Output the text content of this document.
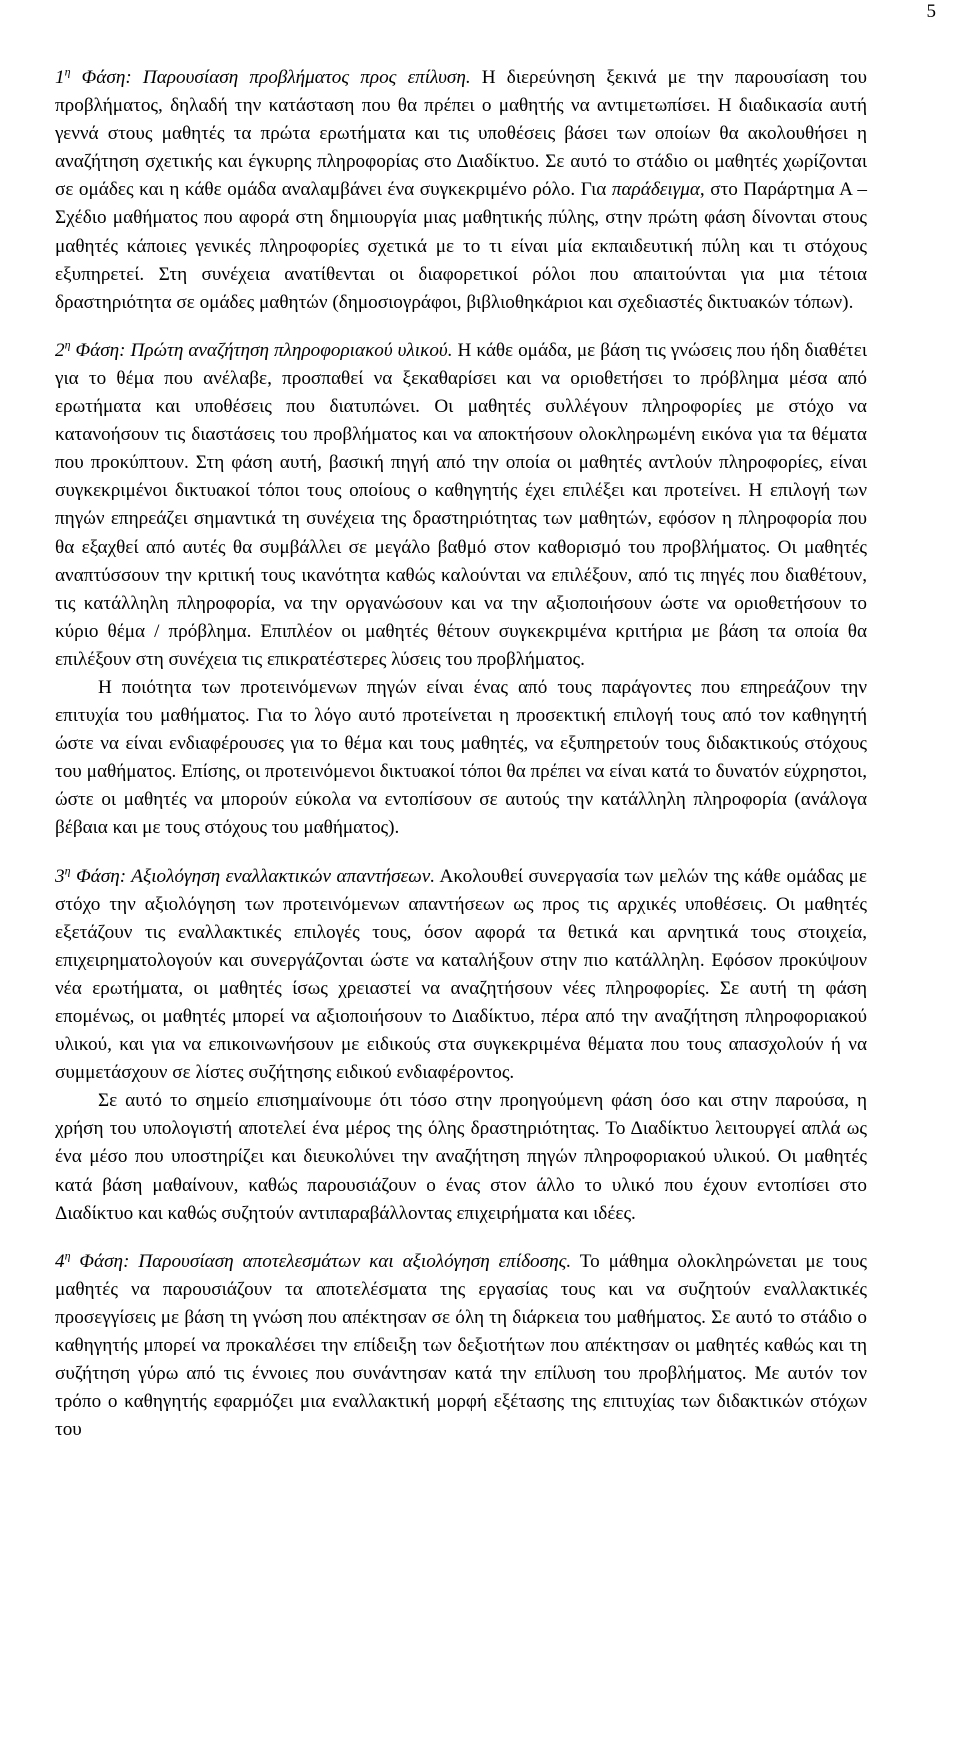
5

$1^\eta$ Φάση: Παρουσίαση προβλήματος προς επίλυση. Η διερεύνηση ξεκινά με την παρουσίαση του προβλήματος, δηλαδή την κατάσταση που θα πρέπει ο μαθητής να αντιμετωπίσει. Η διαδικασία αυτή γεννά στους μαθητές τα πρώτα ερωτήματα και τις υποθέσεις βάσει των οποίων θα ακολουθήσει η αναζήτηση σχετικής και έγκυρης πληροφορίας στο Διαδίκτυο. Σε αυτό το στάδιο οι μαθητές χωρίζονται σε ομάδες και η κάθε ομάδα αναλαμβάνει ένα συγκεκριμένο ρόλο. Για παράδειγμα, στο Παράρτημα Α – Σχέδιο μαθήματος που αφορά στη δημιουργία μιας μαθητικής πύλης, στην πρώτη φάση δίνονται στους μαθητές κάποιες γενικές πληροφορίες σχετικά με το τι είναι μία εκπαιδευτική πύλη και τι στόχους εξυπηρετεί. Στη συνέχεια ανατίθενται οι διαφορετικοί ρόλοι που απαιτούνται για μια τέτοια δραστηριότητα σε ομάδες μαθητών (δημοσιογράφοι, βιβλιοθηκάριοι και σχεδιαστές δικτυακών τόπων).

$2^\eta$ Φάση: Πρώτη αναζήτηση πληροφοριακού υλικού. Η κάθε ομάδα, με βάση τις γνώσεις που ήδη διαθέτει για το θέμα που ανέλαβε, προσπαθεί να ξεκαθαρίσει και να οριοθετήσει το πρόβλημα μέσα από ερωτήματα και υποθέσεις που διατυπώνει. Οι μαθητές συλλέγουν πληροφορίες με στόχο να κατανοήσουν τις διαστάσεις του προβλήματος και να αποκτήσουν ολοκληρωμένη εικόνα για τα θέματα που προκύπτουν. Στη φάση αυτή, βασική πηγή από την οποία οι μαθητές αντλούν πληροφορίες, είναι συγκεκριμένοι δικτυακοί τόποι τους οποίους ο καθηγητής έχει επιλέξει και προτείνει. Η επιλογή των πηγών επηρεάζει σημαντικά τη συνέχεια της δραστηριότητας των μαθητών, εφόσον η πληροφορία που θα εξαχθεί από αυτές θα συμβάλλει σε μεγάλο βαθμό στον καθορισμό του προβλήματος. Οι μαθητές αναπτύσσουν την κριτική τους ικανότητα καθώς καλούνται να επιλέξουν, από τις πηγές που διαθέτουν, τις κατάλληλη πληροφορία, να την οργανώσουν και να την αξιοποιήσουν ώστε να οριοθετήσουν το κύριο θέμα / πρόβλημα. Επιπλέον οι μαθητές θέτουν συγκεκριμένα κριτήρια με βάση τα οποία θα επιλέξουν στη συνέχεια τις επικρατέστερες λύσεις του προβλήματος.

Η ποιότητα των προτεινόμενων πηγών είναι ένας από τους παράγοντες που επηρεάζουν την επιτυχία του μαθήματος. Για το λόγο αυτό προτείνεται η προσεκτική επιλογή τους από τον καθηγητή ώστε να είναι ενδιαφέρουσες για το θέμα και τους μαθητές, να εξυπηρετούν τους διδακτικούς στόχους του μαθήματος. Επίσης, οι προτεινόμενοι δικτυακοί τόποι θα πρέπει να είναι κατά το δυνατόν εύχρηστοι, ώστε οι μαθητές να μπορούν εύκολα να εντοπίσουν σε αυτούς την κατάλληλη πληροφορία (ανάλογα βέβαια και με τους στόχους του μαθήματος).

$3^\eta$ Φάση: Αξιολόγηση εναλλακτικών απαντήσεων. Ακολουθεί συνεργασία των μελών της κάθε ομάδας με στόχο την αξιολόγηση των προτεινόμενων απαντήσεων ως προς τις αρχικές υποθέσεις. Οι μαθητές εξετάζουν τις εναλλακτικές επιλογές τους, όσον αφορά τα θετικά και αρνητικά τους στοιχεία, επιχειρηματολογούν και συνεργάζονται ώστε να καταλήξουν στην πιο κατάλληλη. Εφόσον προκύψουν νέα ερωτήματα, οι μαθητές ίσως χρειαστεί να αναζητήσουν νέες πληροφορίες. Σε αυτή τη φάση επομένως, οι μαθητές μπορεί να αξιοποιήσουν το Διαδίκτυο, πέρα από την αναζήτηση πληροφοριακού υλικού, και για να επικοινωνήσουν με ειδικούς στα συγκεκριμένα θέματα που τους απασχολούν ή να συμμετάσχουν σε λίστες συζήτησης ειδικού ενδιαφέροντος.

Σε αυτό το σημείο επισημαίνουμε ότι τόσο στην προηγούμενη φάση όσο και στην παρούσα, η χρήση του υπολογιστή αποτελεί ένα μέρος της όλης δραστηριότητας. Το Διαδίκτυο λειτουργεί απλά ως ένα μέσο που υποστηρίζει και διευκολύνει την αναζήτηση πηγών πληροφοριακού υλικού. Οι μαθητές κατά βάση μαθαίνουν, καθώς παρουσιάζουν ο ένας στον άλλο το υλικό που έχουν εντοπίσει στο Διαδίκτυο και καθώς συζητούν αντιπαραβάλλοντας επιχειρήματα και ιδέες.

$4^\eta$ Φάση: Παρουσίαση αποτελεσμάτων και αξιολόγηση επίδοσης. Το μάθημα ολοκληρώνεται με τους μαθητές να παρουσιάζουν τα αποτελέσματα της εργασίας τους και να συζητούν εναλλακτικές προσεγγίσεις με βάση τη γνώση που απέκτησαν σε όλη τη διάρκεια του μαθήματος. Σε αυτό το στάδιο ο καθηγητής μπορεί να προκαλέσει την επίδειξη των δεξιοτήτων που απέκτησαν οι μαθητές καθώς και τη συζήτηση γύρω από τις έννοιες που συνάντησαν κατά την επίλυση του προβλήματος. Με αυτόν τον τρόπο ο καθηγητής εφαρμόζει μια εναλλακτική μορφή εξέτασης της επιτυχίας των διδακτικών στόχων του
